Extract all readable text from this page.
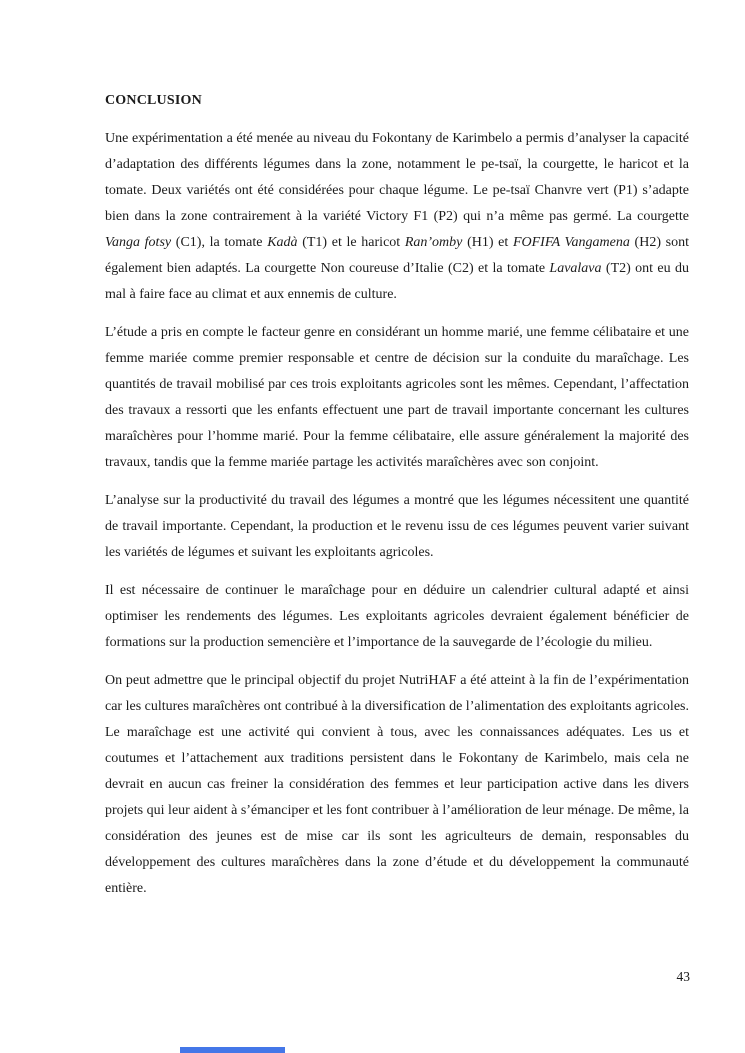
CONCLUSION

Une expérimentation a été menée au niveau du Fokontany de Karimbelo a permis d’analyser la capacité d’adaptation des différents légumes dans la zone, notamment le pe-tsaï, la courgette, le haricot et la tomate. Deux variétés ont été considérées pour chaque légume. Le pe-tsaï Chanvre vert (P1) s’adapte bien dans la zone contrairement à la variété Victory F1 (P2) qui n’a même pas germé. La courgette Vanga fotsy (C1), la tomate Kadà (T1) et le haricot Ran’omby (H1) et FOFIFA Vangamena (H2) sont également bien adaptés. La courgette Non coureuse d’Italie (C2) et la tomate Lavalava (T2) ont eu du mal à faire face au climat et aux ennemis de culture.

L’étude a pris en compte le facteur genre en considérant un homme marié, une femme célibataire et une femme mariée comme premier responsable et centre de décision sur la conduite du maraîchage. Les quantités de travail mobilisé par ces trois exploitants agricoles sont les mêmes. Cependant, l’affectation des travaux a ressorti que les enfants effectuent une part de travail importante concernant les cultures maraîchères pour l’homme marié. Pour la femme célibataire, elle assure généralement la majorité des travaux, tandis que la femme mariée partage les activités maraîchères avec son conjoint.

L’analyse sur la productivité du travail des légumes a montré que les légumes nécessitent une quantité de travail importante. Cependant, la production et le revenu issu de ces légumes peuvent varier suivant les variétés de légumes et suivant les exploitants agricoles.

Il est nécessaire de continuer le maraîchage pour en déduire un calendrier cultural adapté et ainsi optimiser les rendements des légumes. Les exploitants agricoles devraient également bénéficier de formations sur la production semencière et l’importance de la sauvegarde de l’écologie du milieu.

On peut admettre que le principal objectif du projet NutriHAF a été atteint à la fin de l’expérimentation car les cultures maraîchères ont contribué à la diversification de l’alimentation des exploitants agricoles. Le maraîchage est une activité qui convient à tous, avec les connaissances adéquates. Les us et coutumes et l’attachement aux traditions persistent dans le Fokontany de Karimbelo, mais cela ne devrait en aucun cas freiner la considération des femmes et leur participation active dans les divers projets qui leur aident à s’émanciper et les font contribuer à l’amélioration de leur ménage. De même, la considération des jeunes est de mise car ils sont les agriculteurs de demain, responsables du développement des cultures maraîchères dans la zone d’étude et du développement la communauté entière.

43
